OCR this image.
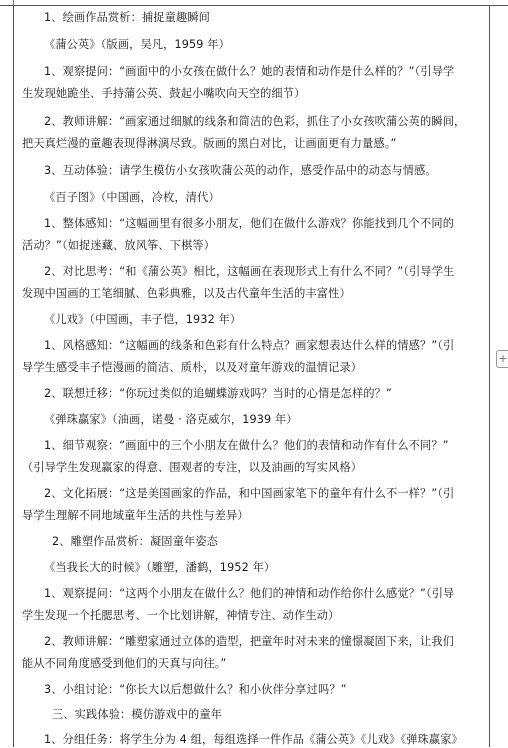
+
1、绘画作品赏析：捕捉童趣瞬间
《蒲公英》（版画，吴凡，1959 年）
1、观察提问：“画面中的小女孩在做什么？她的表情和动作是什么样的？”（引导学
生发现她跪坐、手持蒲公英、鼓起小嘴吹向天空的细节）
2、教师讲解：“画家通过细腻的线条和简洁的色彩，抓住了小女孩吹蒲公英的瞬间，
把天真烂漫的童趣表现得淋漓尽致。版画的黑白对比，让画面更有力量感。”
3、互动体验：请学生模仿小女孩吹蒲公英的动作，感受作品中的动态与情感。
《百子图》（中国画，冷枚，清代）
1、整体感知：“这幅画里有很多小朋友，他们在做什么游戏？你能找到几个不同的
活动？”（如捉迷藏、放风筝、下棋等）
2、对比思考：“和《蒲公英》相比，这幅画在表现形式上有什么不同？”（引导学生
发现中国画的工笔细腻、色彩典雅，以及古代童年生活的丰富性）
《儿戏》（中国画，丰子恺，1932 年）
1、风格感知：“这幅画的线条和色彩有什么特点？画家想表达什么样的情感？”（引
导学生感受丰子恺漫画的简洁、质朴，以及对童年游戏的温情记录）
2、联想迁移：“你玩过类似的追蝴蝶游戏吗？当时的心情是怎样的？”
《弹珠赢家》（油画，诺曼 · 洛克威尔，1939 年）
1、细节观察：“画面中的三个小朋友在做什么？他们的表情和动作有什么不同？”
（引导学生发现赢家的得意、围观者的专注，以及油画的写实风格）
2、文化拓展：“这是美国画家的作品，和中国画家笔下的童年有什么不一样？”（引
导学生理解不同地域童年生活的共性与差异）
2、雕塑作品赏析：凝固童年姿态
《当我长大的时候》（雕塑，潘鹤，1952 年）
1、观察提问：“这两个小朋友在做什么？他们的神情和动作给你什么感觉？”（引导
学生发现一个托腮思考、一个比划讲解，神情专注、动作生动）
2、教师讲解：“雕塑家通过立体的造型，把童年时对未来的憧憬凝固下来，让我们
能从不同角度感受到他们的天真与向往。”
3、小组讨论：“你长大以后想做什么？和小伙伴分享过吗？”
三、实践体验：模仿游戏中的童年
1、分组任务：将学生分为 4 组，每组选择一件作品《蒲公英》《儿戏》《弹珠赢家》
